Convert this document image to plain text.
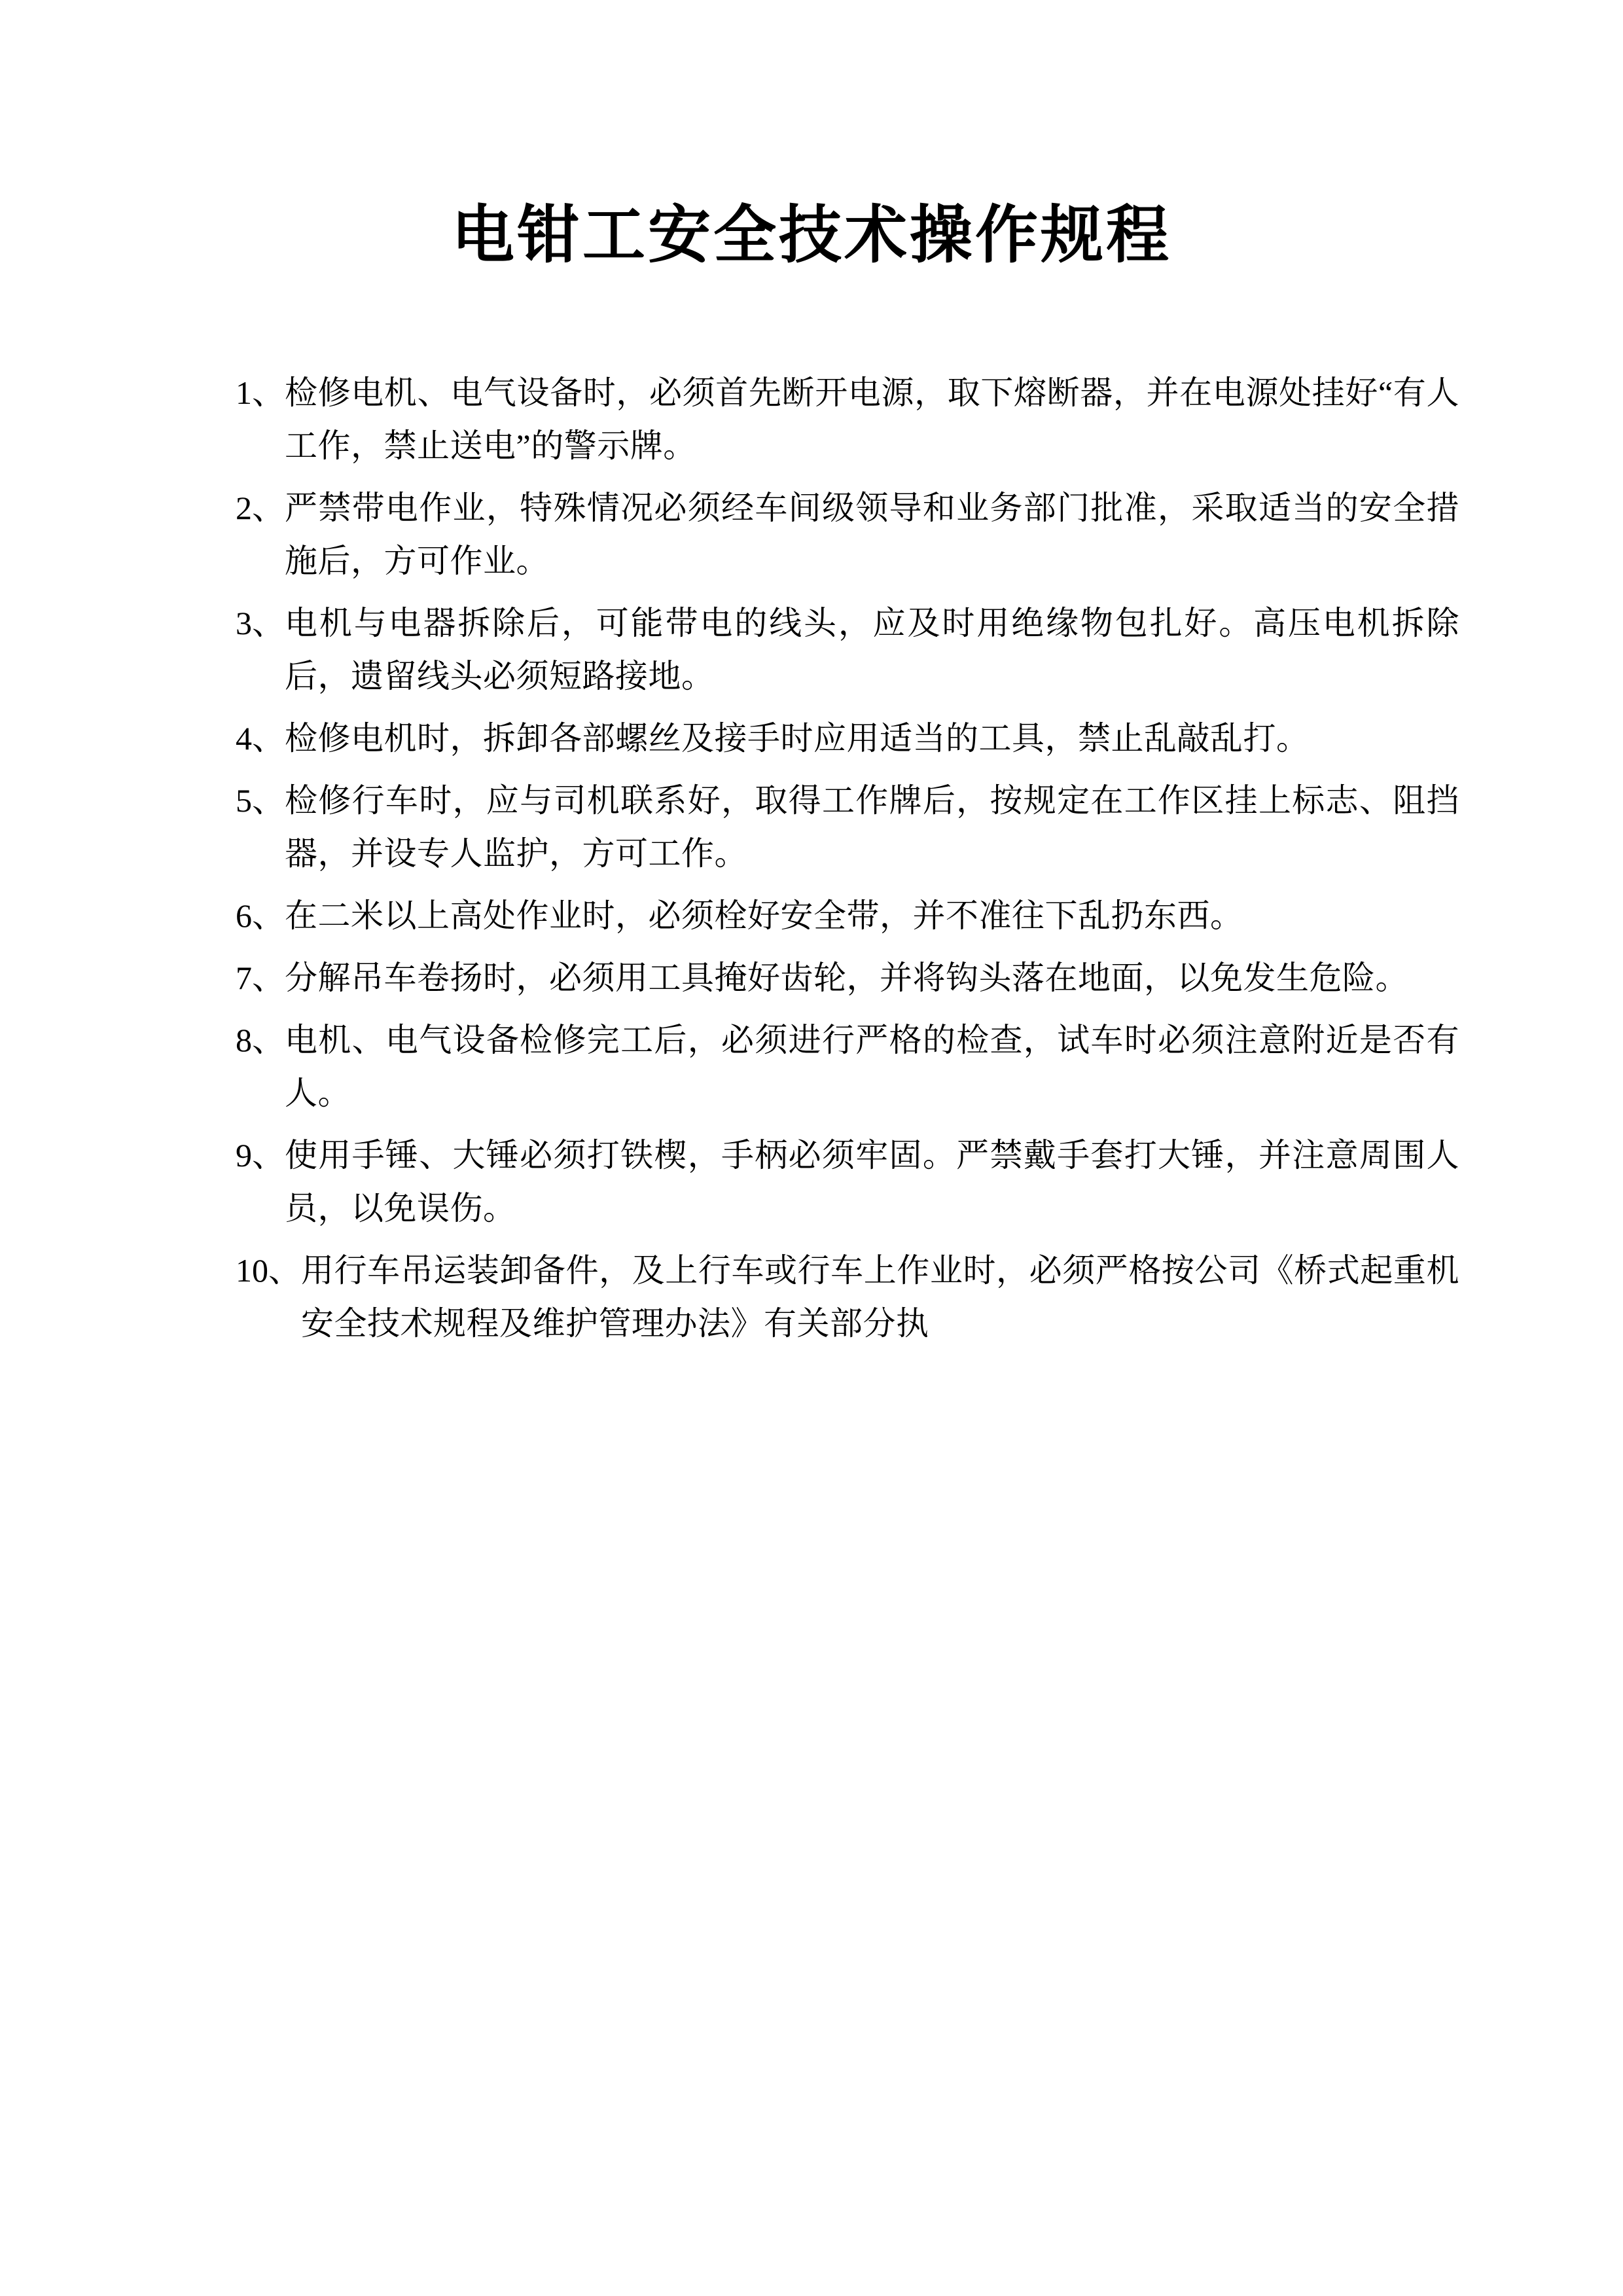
电钳工安全技术操作规程
1、 检修电机、电气设备时，必须首先断开电源，取下熔断器，并在电源处挂好“有人工作，禁止送电”的警示牌。
2、 严禁带电作业，特殊情况必须经车间级领导和业务部门批准，采取适当的安全措施后，方可作业。
3、 电机与电器拆除后，可能带电的线头，应及时用绝缘物包扎好。高压电机拆除后，遗留线头必须短路接地。
4、 检修电机时，拆卸各部螺丝及接手时应用适当的工具，禁止乱敲乱打。
5、 检修行车时，应与司机联系好，取得工作牌后，按规定在工作区挂上标志、阻挡器，并设专人监护，方可工作。
6、 在二米以上高处作业时，必须栓好安全带，并不准往下乱扔东西。
7、 分解吊车卷扬时，必须用工具掩好齿轮，并将钩头落在地面，以免发生危险。
8、 电机、电气设备检修完工后，必须进行严格的检查，试车时必须注意附近是否有人。
9、 使用手锤、大锤必须打铁楔，手柄必须牢固。严禁戴手套打大锤，并注意周围人员，以免误伤。
10、 用行车吊运装卸备件，及上行车或行车上作业时，必须严格按公司《桥式起重机安全技术规程及维护管理办法》有关部分执
